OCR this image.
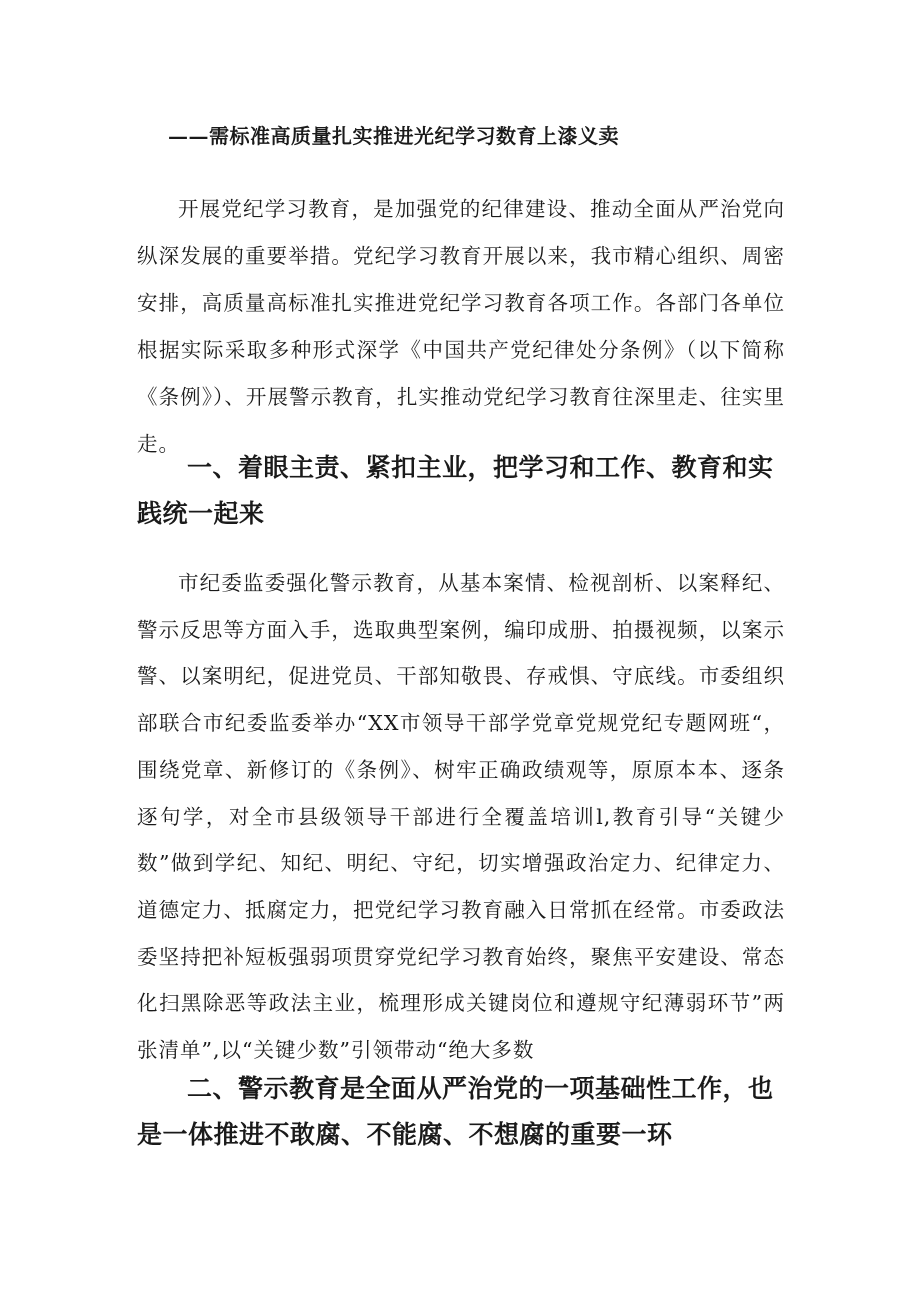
——需标准高质量扎实推进光纪学习数育上漆义卖

开展党纪学习教育，是加强党的纪律建设、推动全面从严治党向纵深发展的重要举措。党纪学习教育开展以来，我市精心组织、周密安排，高质量高标准扎实推进党纪学习教育各项工作。各部门各单位根据实际采取多种形式深学《中国共产党纪律处分条例》（以下简称《条例》）、开展警示教育，扎实推动党纪学习教育往深里走、往实里走。

一、着眼主责、紧扣主业，把学习和工作、教育和实践统一起来

市纪委监委强化警示教育，从基本案情、检视剖析、以案释纪、警示反思等方面入手，选取典型案例，编印成册、拍摄视频，以案示警、以案明纪，促进党员、干部知敬畏、存戒惧、守底线。市委组织部联合市纪委监委举办“XX市领导干部学党章党规党纪专题网班“，围绕党章、新修订的《条例》、树牢正确政绩观等，原原本本、逐条逐句学，对全市县级领导干部进行全覆盖培训l,教育引导“关键少数”做到学纪、知纪、明纪、守纪，切实增强政治定力、纪律定力、道德定力、抵腐定力，把党纪学习教育融入日常抓在经常。市委政法委坚持把补短板强弱项贯穿党纪学习教育始终，聚焦平安建设、常态化扫黑除恶等政法主业，梳理形成关键岗位和遵规守纪薄弱环节”两张清单”,以“关键少数”引领带动“绝大多数

二、警示教育是全面从严治党的一项基础性工作，也是一体推进不敢腐、不能腐、不想腐的重要一环
